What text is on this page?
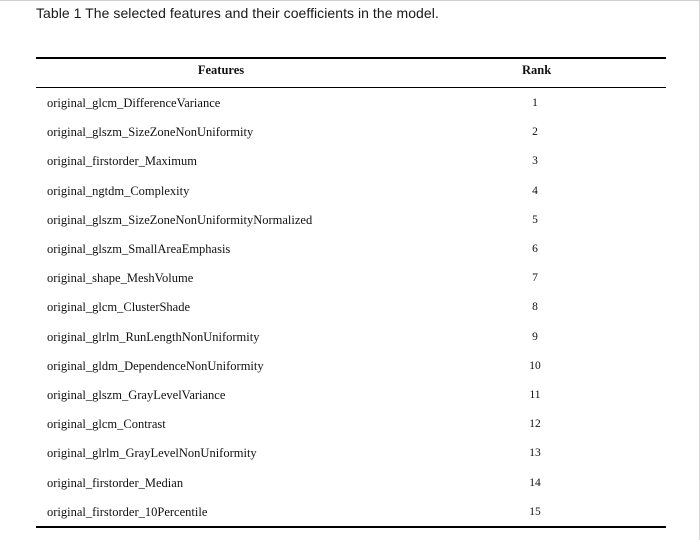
Table 1 The selected features and their coefficients in the model.
Features	Rank
original_glcm_DifferenceVariance	1
original_glszm_SizeZoneNonUniformity	2
original_firstorder_Maximum	3
original_ngtdm_Complexity	4
original_glszm_SizeZoneNonUniformityNormalized	5
original_glszm_SmallAreaEmphasis	6
original_shape_MeshVolume	7
original_glcm_ClusterShade	8
original_glrlm_RunLengthNonUniformity	9
original_gldm_DependenceNonUniformity	10
original_glszm_GrayLevelVariance	11
original_glcm_Contrast	12
original_glrlm_GrayLevelNonUniformity	13
original_firstorder_Median	14
original_firstorder_10Percentile	15
